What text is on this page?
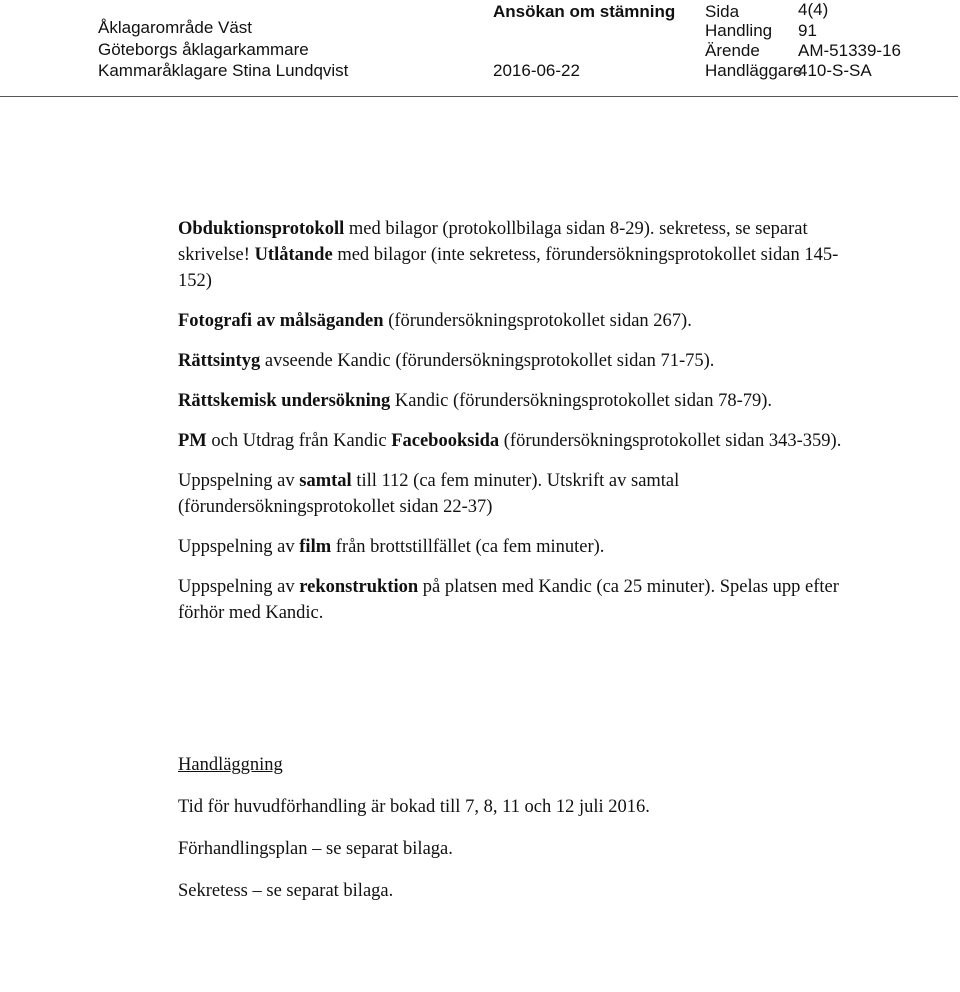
Åklagarområde Väst
Göteborgs åklagarkammare
Kammaråklagare Stina Lundqvist
Ansökan om stämning
2016-06-22
Sida
Handling
Ärende
Handläggare
4(4)
91
AM-51339-16
410-S-SA

Obduktionsprotokoll med bilagor (protokollbilaga sidan 8-29). sekretess, se separat skrivelse! Utlåtande med bilagor (inte sekretess, förundersökningsprotokollet sidan 145-152)

Fotografi av målsäganden (förundersökningsprotokollet sidan 267).

Rättsintyg avseende Kandic (förundersökningsprotokollet sidan 71-75).

Rättskemisk undersökning Kandic (förundersökningsprotokollet sidan 78-79).

PM och Utdrag från Kandic Facebooksida (förundersökningsprotokollet sidan 343-359).

Uppspelning av samtal till 112 (ca fem minuter). Utskrift av samtal (förundersökningsprotokollet sidan 22-37)

Uppspelning av film från brottstillfället (ca fem minuter).

Uppspelning av rekonstruktion på platsen med Kandic (ca 25 minuter). Spelas upp efter förhör med Kandic.

Handläggning

Tid för huvudförhandling är bokad till 7, 8, 11 och 12 juli 2016.

Förhandlingsplan – se separat bilaga.

Sekretess – se separat bilaga.
